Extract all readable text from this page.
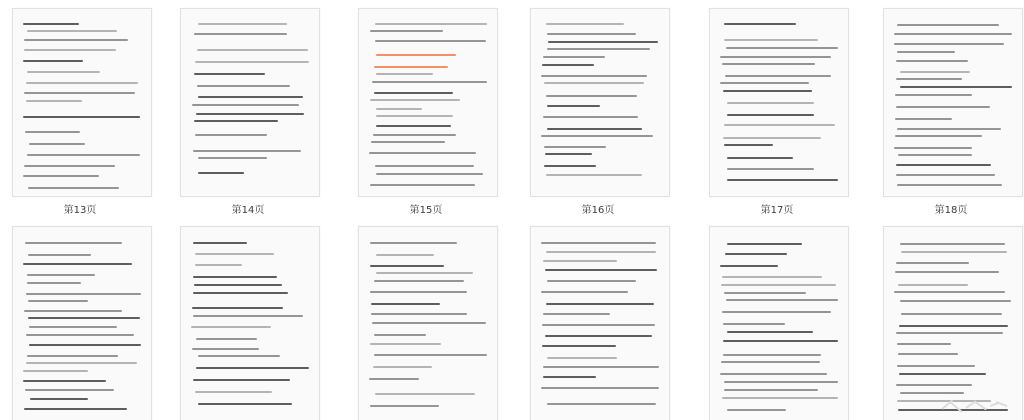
第13页	第14页	第15页	第16页	第17页	第18页
